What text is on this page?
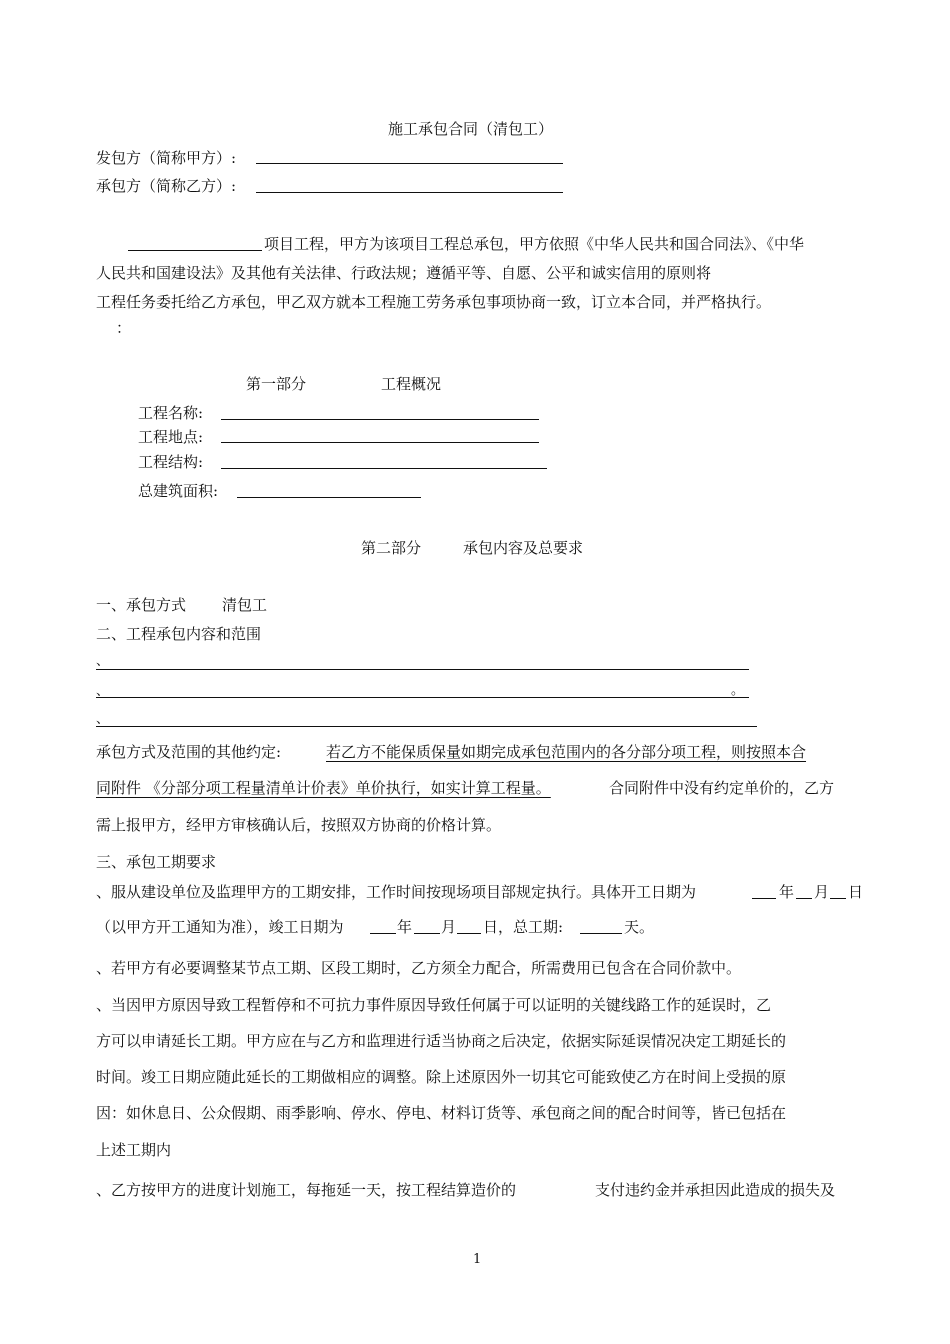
施工承包合同（清包工）
发包方（简称甲方）:
承包方（简称乙方）:
项目工程，甲方为该项目工程总承包，甲方依照《中华人民共和国合同法》、《中华
人民共和国建设法》及其他有关法律、行政法规；遵循平等、自愿、公平和诚实信用的原则将
工程任务委托给乙方承包，甲乙双方就本工程施工劳务承包事项协商一致，订立本合同，并严格执行。
：
第一部分	工程概况
工程名称:
工程地点:
工程结构:
总建筑面积:
第二部分	承包内容及总要求
一、承包方式 清包工
二、工程承包内容和范围
、
、	。
、
承包方式及范围的其他约定:	若乙方不能保质保量如期完成承包范围内的各分部分项工程，则按照本合
同附件 《分部分项工程量清单计价表》单价执行，如实计算工程量。	合同附件中没有约定单价的，乙方
需上报甲方，经甲方审核确认后，按照双方协商的价格计算。
三、承包工期要求
、服从建设单位及监理甲方的工期安排，工作时间按现场项目部规定执行。具体开工日期为	年 月 日
（以甲方开工通知为准），竣工日期为	年 月 日，总工期:	天。
、若甲方有必要调整某节点工期、区段工期时，乙方须全力配合，所需费用已包含在合同价款中。
、当因甲方原因导致工程暂停和不可抗力事件原因导致任何属于可以证明的关键线路工作的延误时，乙
方可以申请延长工期。甲方应在与乙方和监理进行适当协商之后决定，依据实际延误情况决定工期延长的
时间。竣工日期应随此延长的工期做相应的调整。除上述原因外一切其它可能致使乙方在时间上受损的原
因：如休息日、公众假期、雨季影响、停水、停电、材料订货等、承包商之间的配合时间等，皆已包括在
上述工期内
、乙方按甲方的进度计划施工，每拖延一天，按工程结算造价的	支付违约金并承担因此造成的损失及
1
